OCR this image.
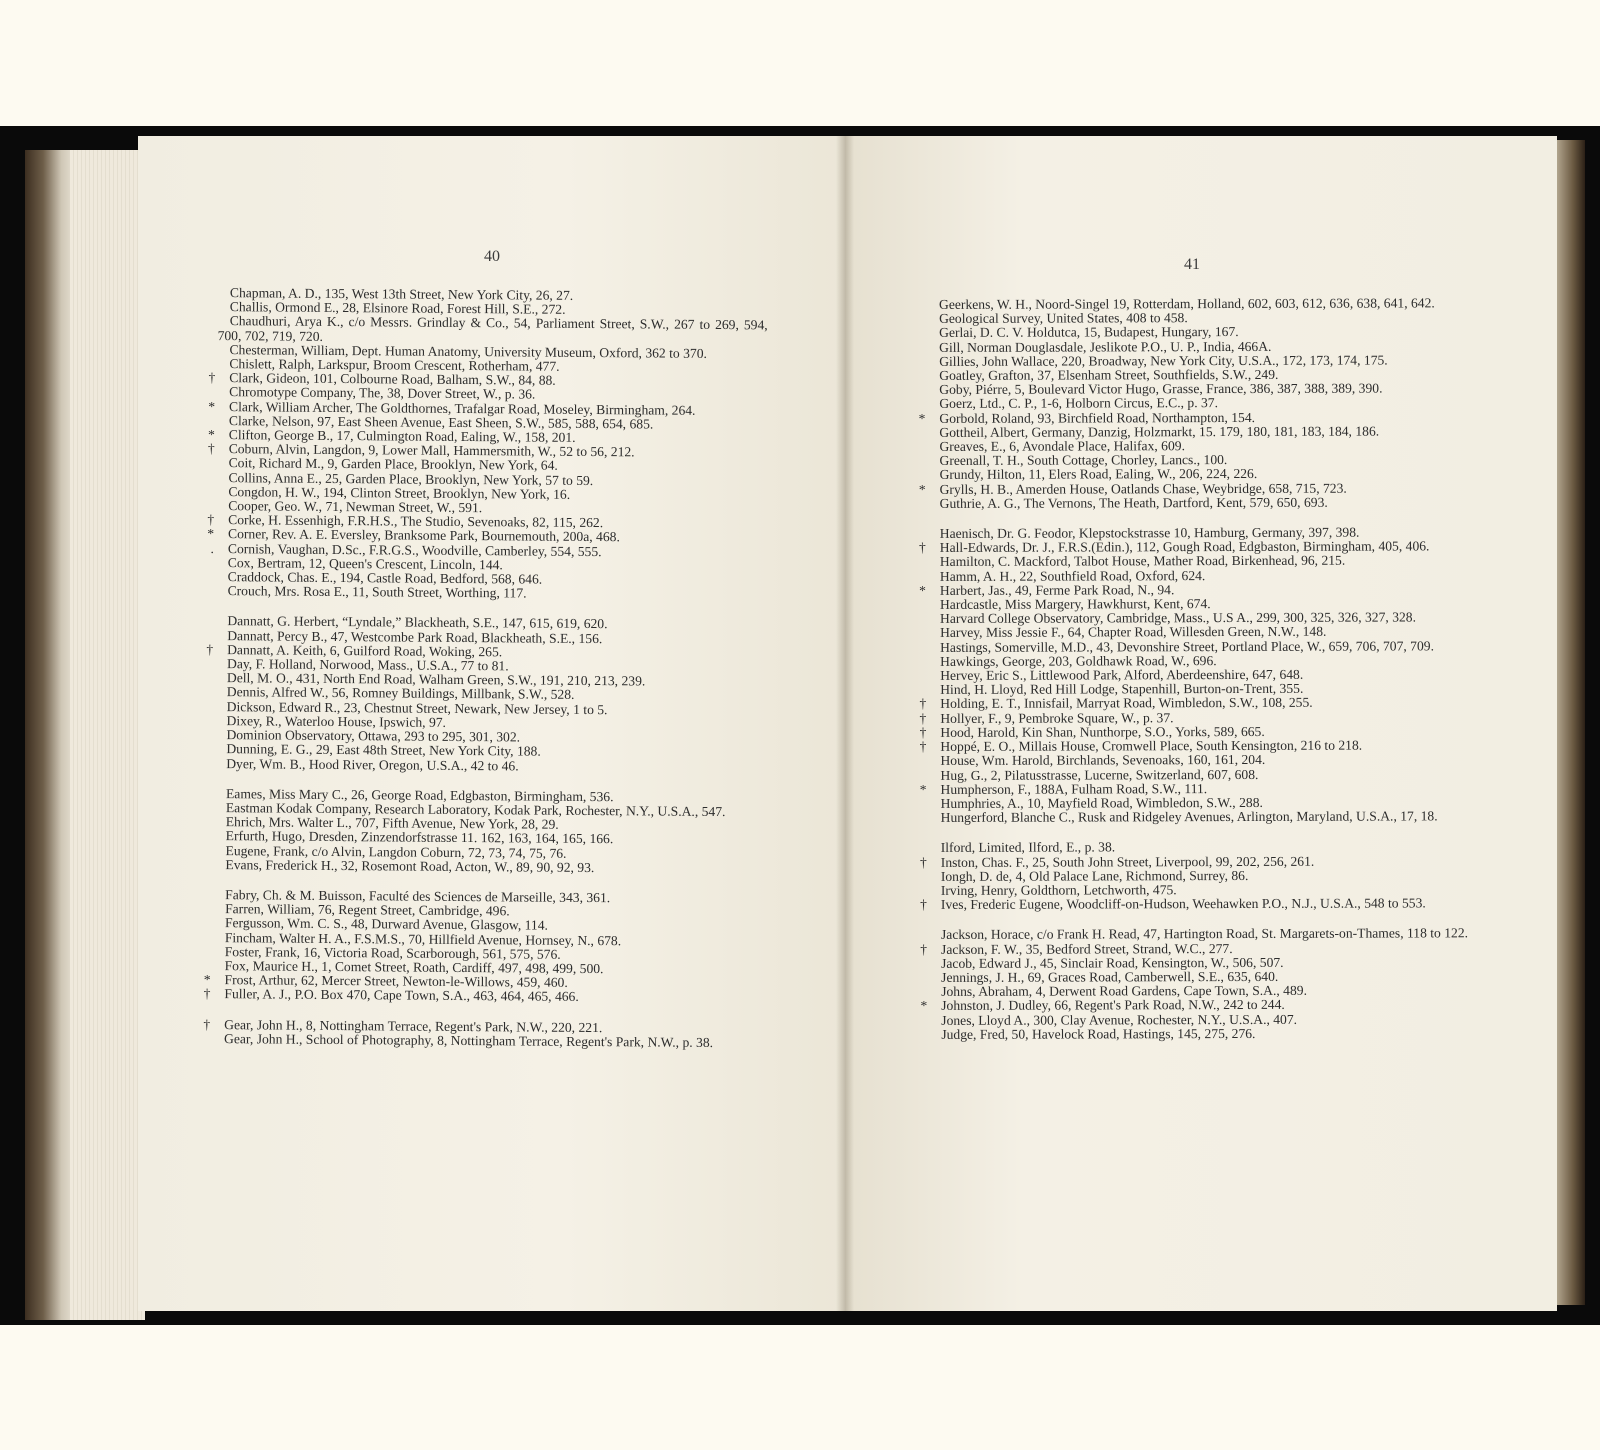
40
Chapman, A. D., 135, West 13th Street, New York City, 26, 27.
Challis, Ormond E., 28, Elsinore Road, Forest Hill, S.E., 272.
Chaudhuri, Arya K., c/o Messrs. Grindlay & Co., 54, Parliament Street, S.W., 267 to 269, 594, 700, 702, 719, 720.
Chesterman, William, Dept. Human Anatomy, University Museum, Oxford, 362 to 370.
Chislett, Ralph, Larkspur, Broom Crescent, Rotherham, 477.
† Clark, Gideon, 101, Colbourne Road, Balham, S.W., 84, 88.
Chromotype Company, The, 38, Dover Street, W., p. 36.
* Clark, William Archer, The Goldthornes, Trafalgar Road, Moseley, Birmingham, 264.
Clarke, Nelson, 97, East Sheen Avenue, East Sheen, S.W., 585, 588, 654, 685.
* Clifton, George B., 17, Culmington Road, Ealing, W., 158, 201.
† Coburn, Alvin, Langdon, 9, Lower Mall, Hammersmith, W., 52 to 56, 212.
Coit, Richard M., 9, Garden Place, Brooklyn, New York, 64.
Collins, Anna E., 25, Garden Place, Brooklyn, New York, 57 to 59.
Congdon, H. W., 194, Clinton Street, Brooklyn, New York, 16.
Cooper, Geo. W., 71, Newman Street, W., 591.
† Corke, H. Essenhigh, F.R.H.S., The Studio, Sevenoaks, 82, 115, 262.
* Corner, Rev. A. E. Eversley, Branksome Park, Bournemouth, 200a, 468.
. Cornish, Vaughan, D.Sc., F.R.G.S., Woodville, Camberley, 554, 555.
Cox, Bertram, 12, Queen's Crescent, Lincoln, 144.
Craddock, Chas. E., 194, Castle Road, Bedford, 568, 646.
Crouch, Mrs. Rosa E., 11, South Street, Worthing, 117.
Dannatt, G. Herbert, “Lyndale,” Blackheath, S.E., 147, 615, 619, 620.
Dannatt, Percy B., 47, Westcombe Park Road, Blackheath, S.E., 156.
† Dannatt, A. Keith, 6, Guilford Road, Woking, 265.
Day, F. Holland, Norwood, Mass., U.S.A., 77 to 81.
Dell, M. O., 431, North End Road, Walham Green, S.W., 191, 210, 213, 239.
Dennis, Alfred W., 56, Romney Buildings, Millbank, S.W., 528.
Dickson, Edward R., 23, Chestnut Street, Newark, New Jersey, 1 to 5.
Dixey, R., Waterloo House, Ipswich, 97.
Dominion Observatory, Ottawa, 293 to 295, 301, 302.
Dunning, E. G., 29, East 48th Street, New York City, 188.
Dyer, Wm. B., Hood River, Oregon, U.S.A., 42 to 46.
Eames, Miss Mary C., 26, George Road, Edgbaston, Birmingham, 536.
Eastman Kodak Company, Research Laboratory, Kodak Park, Rochester, N.Y., U.S.A., 547.
Ehrich, Mrs. Walter L., 707, Fifth Avenue, New York, 28, 29.
Erfurth, Hugo, Dresden, Zinzendorfstrasse 11. 162, 163, 164, 165, 166.
Eugene, Frank, c/o Alvin, Langdon Coburn, 72, 73, 74, 75, 76.
Evans, Frederick H., 32, Rosemont Road, Acton, W., 89, 90, 92, 93.
Fabry, Ch. & M. Buisson, Faculté des Sciences de Marseille, 343, 361.
Farren, William, 76, Regent Street, Cambridge, 496.
Fergusson, Wm. C. S., 48, Durward Avenue, Glasgow, 114.
Fincham, Walter H. A., F.S.M.S., 70, Hillfield Avenue, Hornsey, N., 678.
Foster, Frank, 16, Victoria Road, Scarborough, 561, 575, 576.
Fox, Maurice H., 1, Comet Street, Roath, Cardiff, 497, 498, 499, 500.
* Frost, Arthur, 62, Mercer Street, Newton-le-Willows, 459, 460.
† Fuller, A. J., P.O. Box 470, Cape Town, S.A., 463, 464, 465, 466.
† Gear, John H., 8, Nottingham Terrace, Regent's Park, N.W., 220, 221.
Gear, John H., School of Photography, 8, Nottingham Terrace, Regent's Park, N.W., p. 38.
41
Geerkens, W. H., Noord-Singel 19, Rotterdam, Holland, 602, 603, 612, 636, 638, 641, 642.
Geological Survey, United States, 408 to 458.
Gerlai, D. C. V. Holdutca, 15, Budapest, Hungary, 167.
Gill, Norman Douglasdale, Jeslikote P.O., U. P., India, 466A.
Gillies, John Wallace, 220, Broadway, New York City, U.S.A., 172, 173, 174, 175.
Goatley, Grafton, 37, Elsenham Street, Southfields, S.W., 249.
Goby, Piérre, 5, Boulevard Victor Hugo, Grasse, France, 386, 387, 388, 389, 390.
Goerz, Ltd., C. P., 1-6, Holborn Circus, E.C., p. 37.
* Gorbold, Roland, 93, Birchfield Road, Northampton, 154.
Gottheil, Albert, Germany, Danzig, Holzmarkt, 15. 179, 180, 181, 183, 184, 186.
Greaves, E., 6, Avondale Place, Halifax, 609.
Greenall, T. H., South Cottage, Chorley, Lancs., 100.
Grundy, Hilton, 11, Elers Road, Ealing, W., 206, 224, 226.
* Grylls, H. B., Amerden House, Oatlands Chase, Weybridge, 658, 715, 723.
Guthrie, A. G., The Vernons, The Heath, Dartford, Kent, 579, 650, 693.
Haenisch, Dr. G. Feodor, Klepstockstrasse 10, Hamburg, Germany, 397, 398.
† Hall-Edwards, Dr. J., F.R.S.(Edin.), 112, Gough Road, Edgbaston, Birmingham, 405, 406.
Hamilton, C. Mackford, Talbot House, Mather Road, Birkenhead, 96, 215.
Hamm, A. H., 22, Southfield Road, Oxford, 624.
* Harbert, Jas., 49, Ferme Park Road, N., 94.
Hardcastle, Miss Margery, Hawkhurst, Kent, 674.
Harvard College Observatory, Cambridge, Mass., U.S A., 299, 300, 325, 326, 327, 328.
Harvey, Miss Jessie F., 64, Chapter Road, Willesden Green, N.W., 148.
Hastings, Somerville, M.D., 43, Devonshire Street, Portland Place, W., 659, 706, 707, 709.
Hawkings, George, 203, Goldhawk Road, W., 696.
Hervey, Eric S., Littlewood Park, Alford, Aberdeenshire, 647, 648.
Hind, H. Lloyd, Red Hill Lodge, Stapenhill, Burton-on-Trent, 355.
† Holding, E. T., Innisfail, Marryat Road, Wimbledon, S.W., 108, 255.
† Hollyer, F., 9, Pembroke Square, W., p. 37.
† Hood, Harold, Kin Shan, Nunthorpe, S.O., Yorks, 589, 665.
† Hoppé, E. O., Millais House, Cromwell Place, South Kensington, 216 to 218.
House, Wm. Harold, Birchlands, Sevenoaks, 160, 161, 204.
Hug, G., 2, Pilatusstrasse, Lucerne, Switzerland, 607, 608.
* Humpherson, F., 188A, Fulham Road, S.W., 111.
Humphries, A., 10, Mayfield Road, Wimbledon, S.W., 288.
Hungerford, Blanche C., Rusk and Ridgeley Avenues, Arlington, Maryland, U.S.A., 17, 18.
Ilford, Limited, Ilford, E., p. 38.
† Inston, Chas. F., 25, South John Street, Liverpool, 99, 202, 256, 261.
Iongh, D. de, 4, Old Palace Lane, Richmond, Surrey, 86.
Irving, Henry, Goldthorn, Letchworth, 475.
† Ives, Frederic Eugene, Woodcliff-on-Hudson, Weehawken P.O., N.J., U.S.A., 548 to 553.
Jackson, Horace, c/o Frank H. Read, 47, Hartington Road, St. Margarets-on-Thames, 118 to 122.
† Jackson, F. W., 35, Bedford Street, Strand, W.C., 277.
Jacob, Edward J., 45, Sinclair Road, Kensington, W., 506, 507.
Jennings, J. H., 69, Graces Road, Camberwell, S.E., 635, 640.
Johns, Abraham, 4, Derwent Road Gardens, Cape Town, S.A., 489.
* Johnston, J. Dudley, 66, Regent's Park Road, N.W., 242 to 244.
Jones, Lloyd A., 300, Clay Avenue, Rochester, N.Y., U.S.A., 407.
Judge, Fred, 50, Havelock Road, Hastings, 145, 275, 276.
